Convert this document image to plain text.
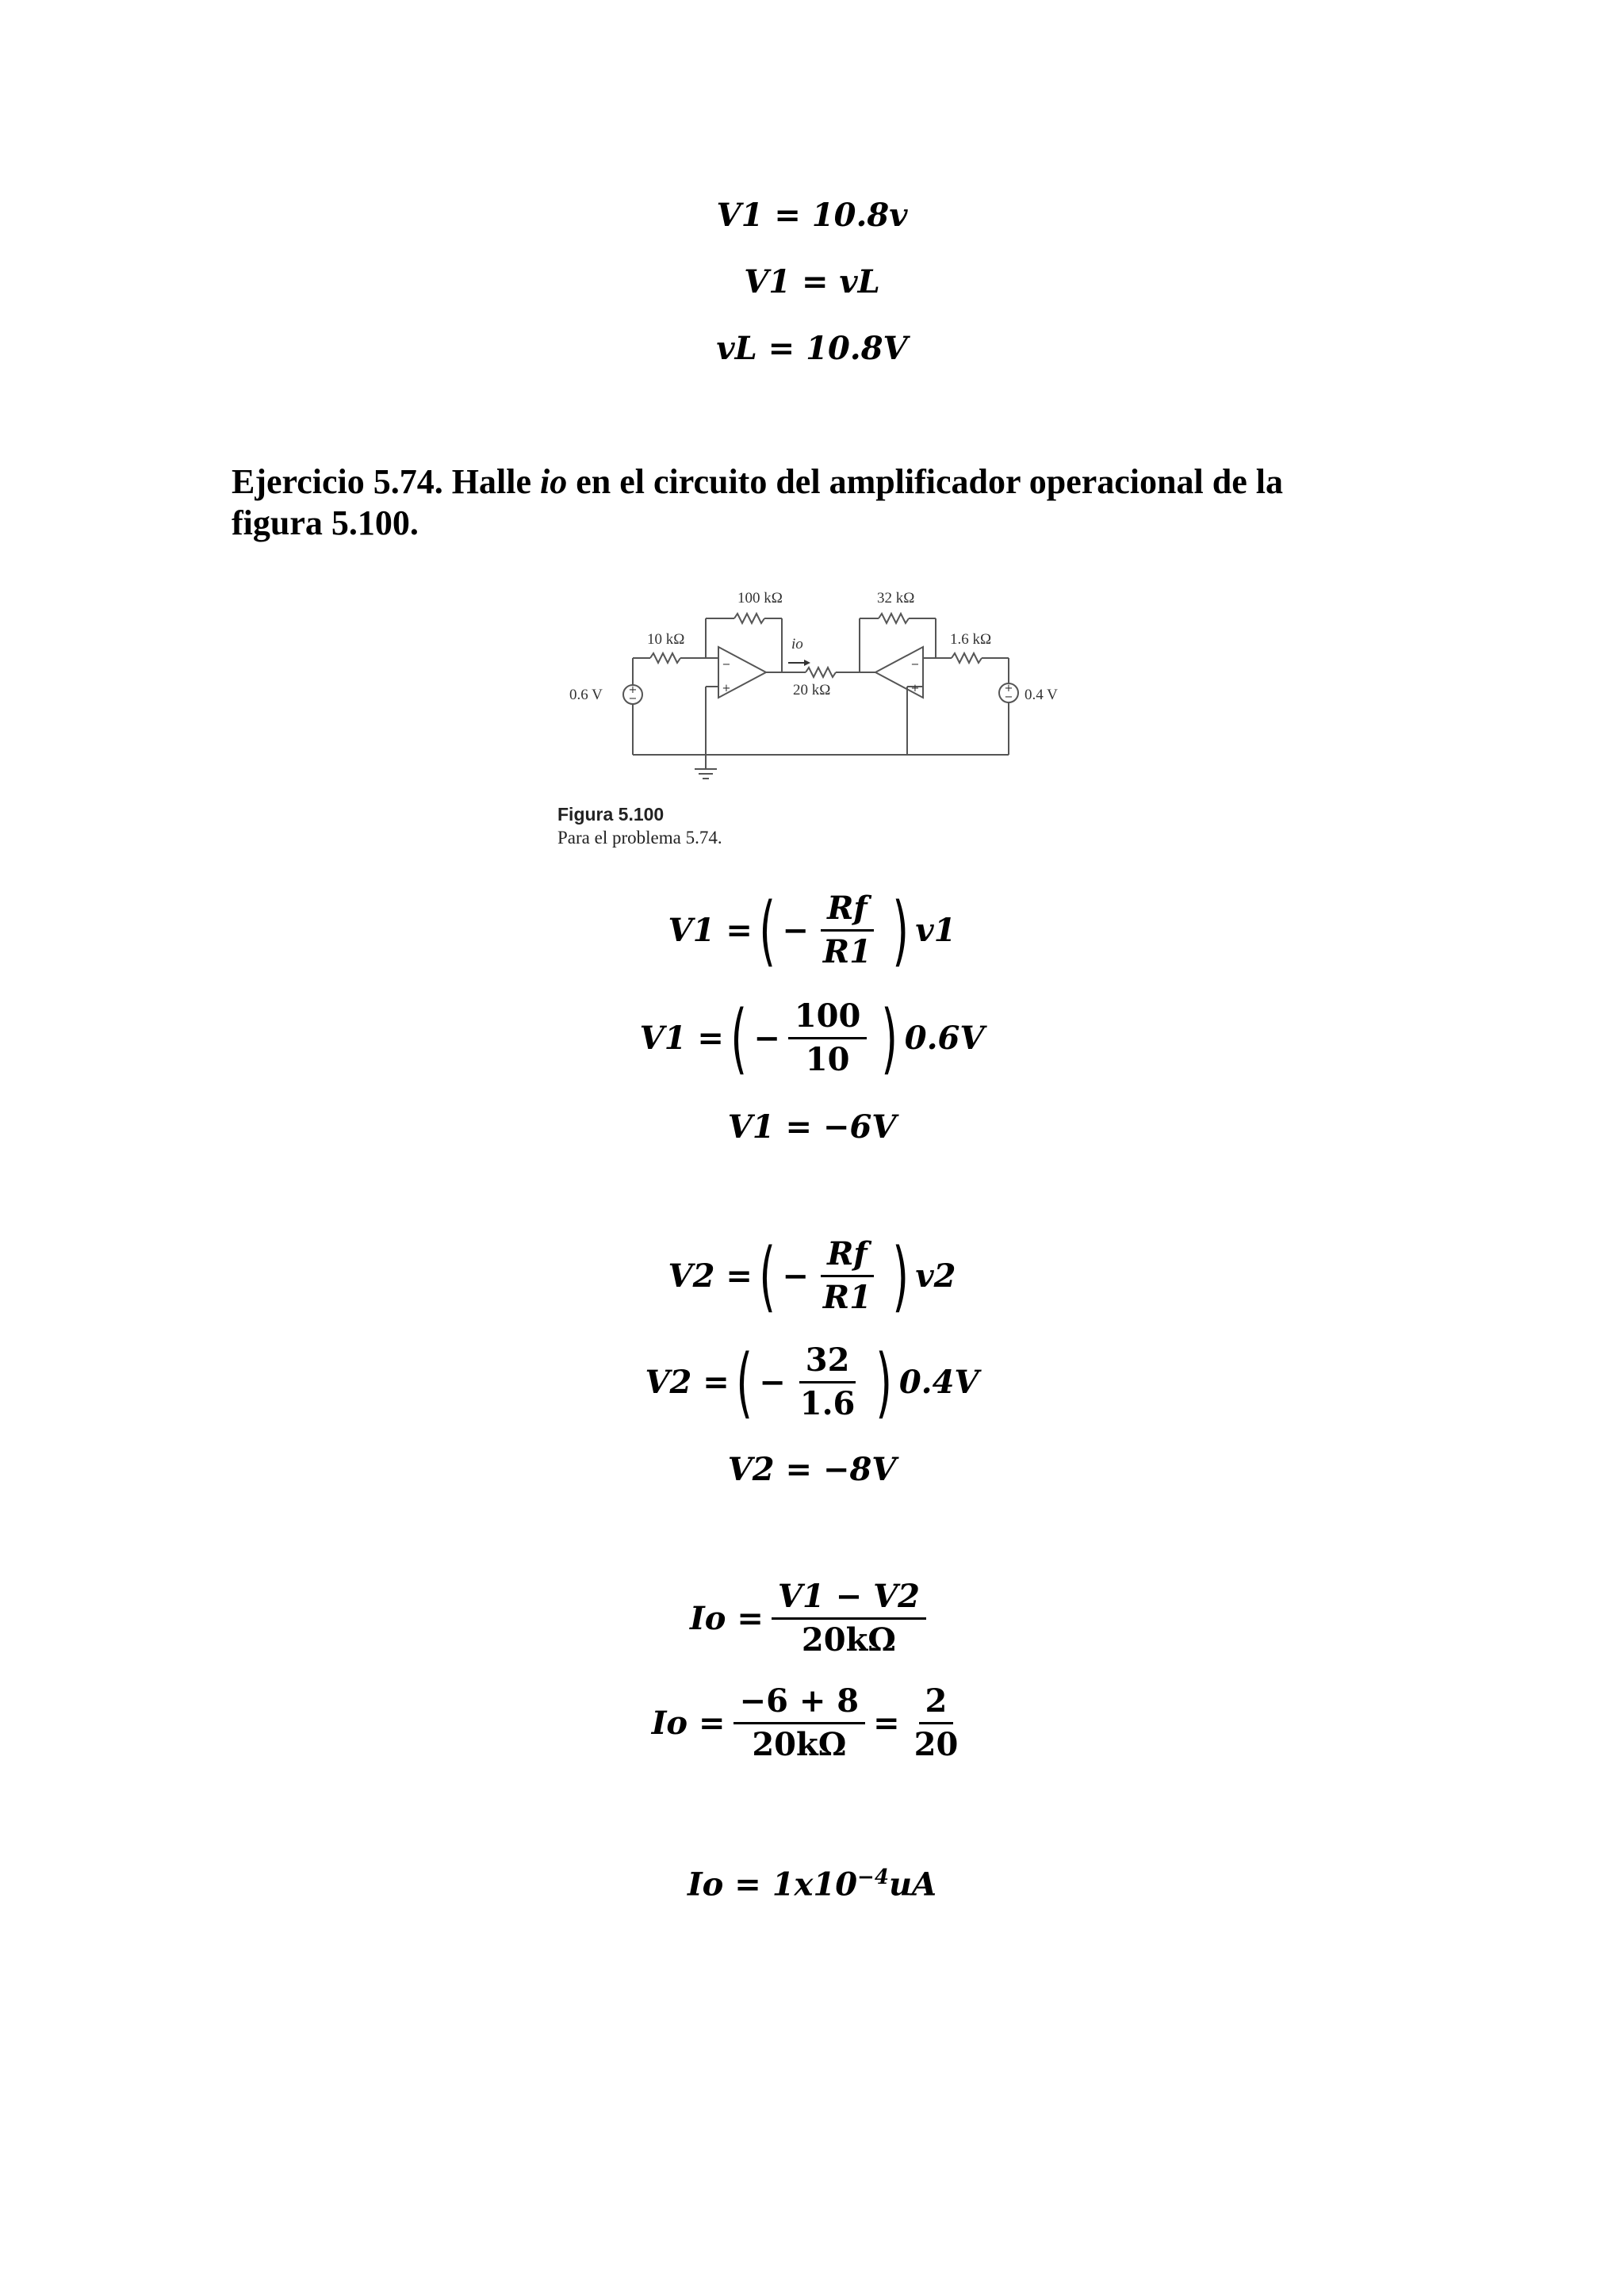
V1 = 10.8v
V1 = vL
vL = 10.8V
Ejercicio 5.74. Halle io en el circuito del amplificador operacional de la
figura 5.100.
+
−
+
−
−
+
−
+
100 kΩ	32 kΩ
10 kΩ	1.6 kΩ
20 kΩ
0.6 V	0.4 V
io
Figura 5.100
Para el problema 5.74.
V1 = ( − $\frac{Rf}{R1}$ ) v1
V1 = ( − $\frac{100}{10}$ ) 0.6V
V1 = −6V
V2 = ( − $\frac{Rf}{R1}$ ) v2
V2 = ( − $\frac{32}{1.6}$ ) 0.4V
V2 = −8V
$Io = \frac{V1 - V2}{20k\Omega}$
$Io = \frac{-6 + 8}{20k\Omega} = \frac{2}{20}$
$Io = 1x10^{-4}uA$
